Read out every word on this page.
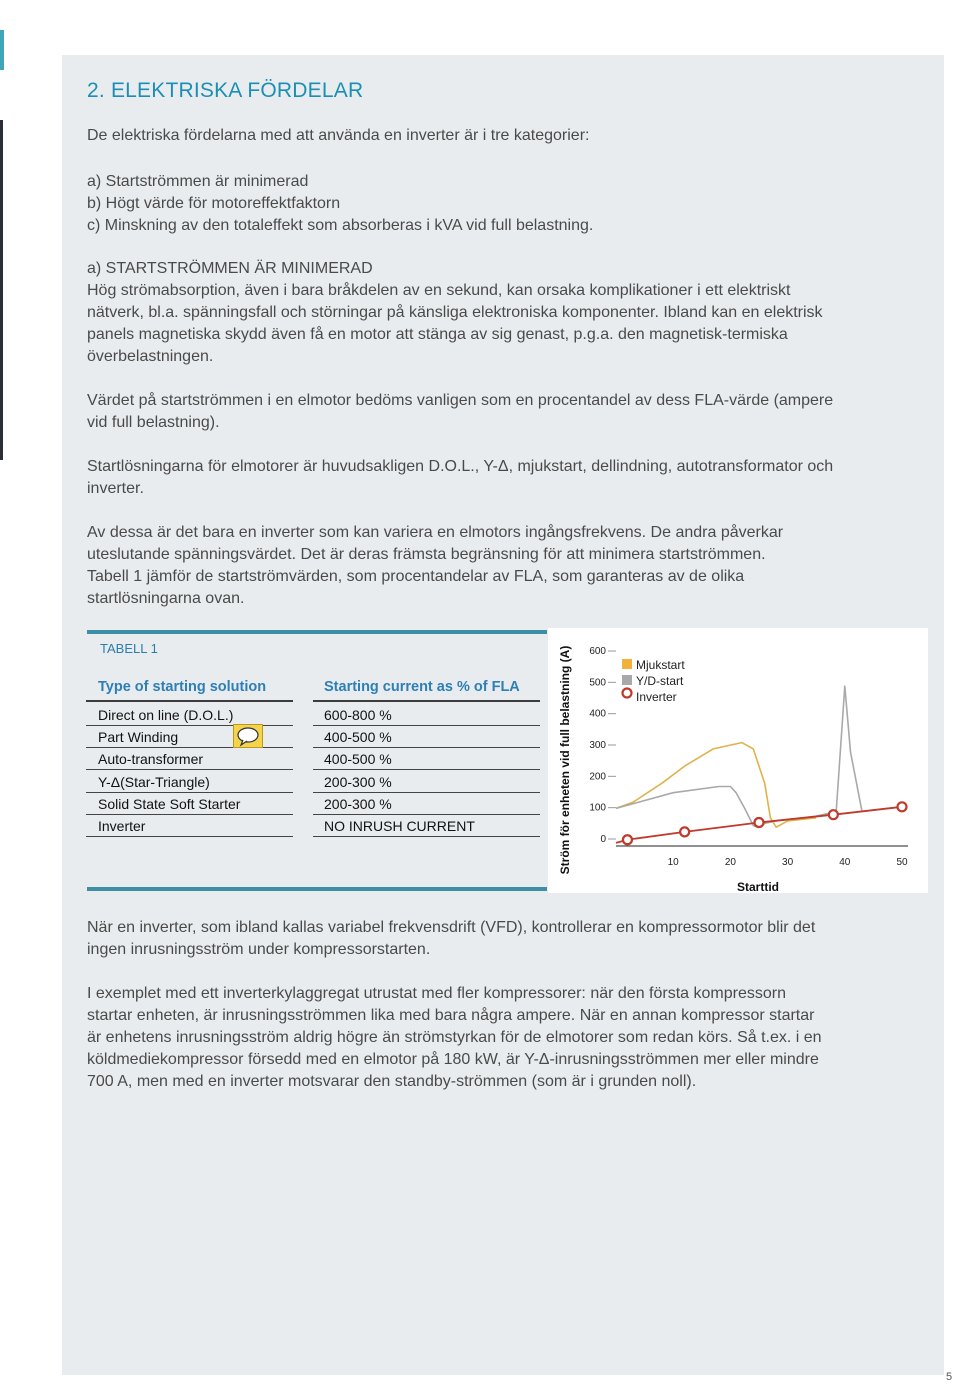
2. ELEKTRISKA FÖRDELAR
De elektriska fördelarna med att använda en inverter är i tre kategorier:
a) Startströmmen är minimerad
b) Högt värde för motoreffektfaktorn
c) Minskning av den totaleffekt som absorberas i kVA vid full belastning.
a) STARTSTRÖMMEN ÄR MINIMERAD
Hög strömabsorption, även i bara bråkdelen av en sekund, kan orsaka komplikationer i ett elektriskt
nätverk, bl.a. spänningsfall och störningar på känsliga elektroniska komponenter. Ibland kan en elektrisk
panels magnetiska skydd även få en motor att stänga av sig genast, p.g.a. den magnetisk-termiska
överbelastningen.
Värdet på startströmmen i en elmotor bedöms vanligen som en procentandel av dess FLA-värde (ampere
vid full belastning).
Startlösningarna för elmotorer är huvudsakligen D.O.L., Y-Δ, mjukstart, dellindning, autotransformator och
inverter.
Av dessa är det bara en inverter som kan variera en elmotors ingångsfrekvens. De andra påverkar
uteslutande spänningsvärdet. Det är deras främsta begränsning för att minimera startströmmen.
Tabell 1 jämför de startströmvärden, som procentandelar av FLA, som garanteras av de olika
startlösningarna ovan.
TABELL 1
Type of starting solution	Starting current as % of FLA
Direct on line (D.O.L.)	600-800 %
Part Winding	400-500 %
Auto-transformer	400-500 %
Y-Δ(Star-Triangle)	200-300 %
Solid State Soft Starter	200-300 %
Inverter	NO INRUSH CURRENT	Ström för enheten vid full belastning (A)	0
100
200
300
400
500
600
10	20	30	40	50
Starttid
Mjukstart
Y/D-start
Inverter
När en inverter, som ibland kallas variabel frekvensdrift (VFD), kontrollerar en kompressormotor blir det
ingen inrusningsström under kompressorstarten.
I exemplet med ett inverterkylaggregat utrustat med fler kompressorer: när den första kompressorn
startar enheten, är inrusningsströmmen lika med bara några ampere. När en annan kompressor startar
är enhetens inrusningsström aldrig högre än strömstyrkan för de elmotorer som redan körs. Så t.ex. i en
köldmediekompressor försedd med en elmotor på 180 kW, är Y-Δ-inrusningsströmmen mer eller mindre
700 A, men med en inverter motsvarar den standby-strömmen (som är i grunden noll).
5
